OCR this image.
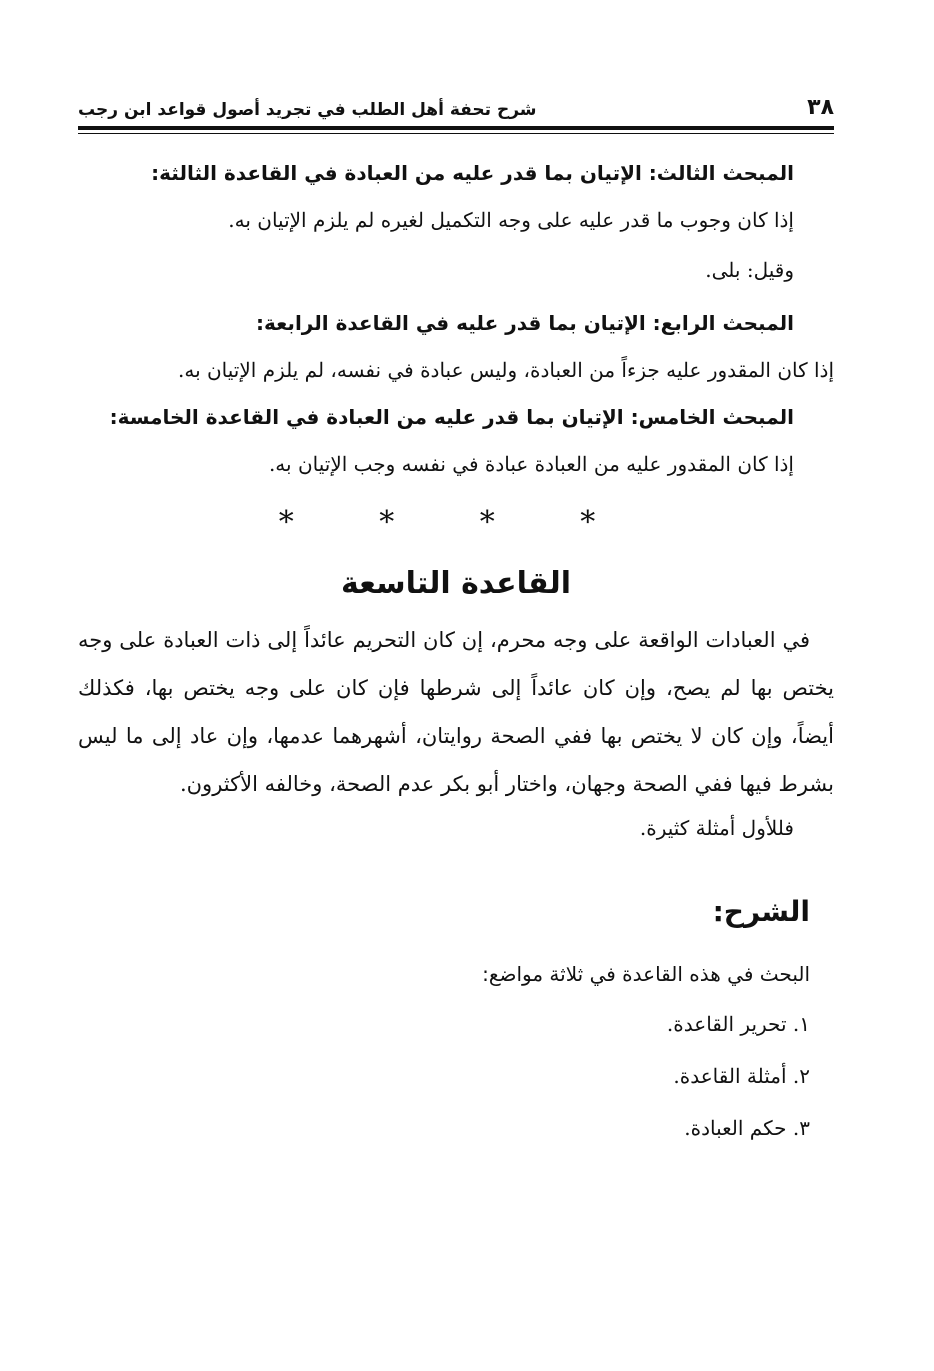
٣٨
شرح تحفة أهل الطلب في تجريد أصول قواعد ابن رجب
المبحث الثالث: الإتيان بما قدر عليه من العبادة في القاعدة الثالثة:

إذا كان وجوب ما قدر عليه على وجه التكميل لغيره لم يلزم الإتيان به.

وقيل: بلى.

المبحث الرابع: الإتيان بما قدر عليه في القاعدة الرابعة:

إذا كان المقدور عليه جزءاً من العبادة، وليس عبادة في نفسه، لم يلزم الإتيان به.

المبحث الخامس: الإتيان بما قدر عليه من العبادة في القاعدة الخامسة:

إذا كان المقدور عليه من العبادة عبادة في نفسه وجب الإتيان به.

* * * *

القاعدة التاسعة

في العبادات الواقعة على وجه محرم، إن كان التحريم عائداً إلى ذات العبادة على وجه يختص بها لم يصح، وإن كان عائداً إلى شرطها فإن كان على وجه يختص بها، فكذلك أيضاً، وإن كان لا يختص بها ففي الصحة روايتان، أشهرهما عدمها، وإن عاد إلى ما ليس بشرط فيها ففي الصحة وجهان، واختار أبو بكر عدم الصحة، وخالفه الأكثرون.

فللأول أمثلة كثيرة.

الشرح:

البحث في هذه القاعدة في ثلاثة مواضع:

١. تحرير القاعدة.
٢. أمثلة القاعدة.
٣. حكم العبادة.
